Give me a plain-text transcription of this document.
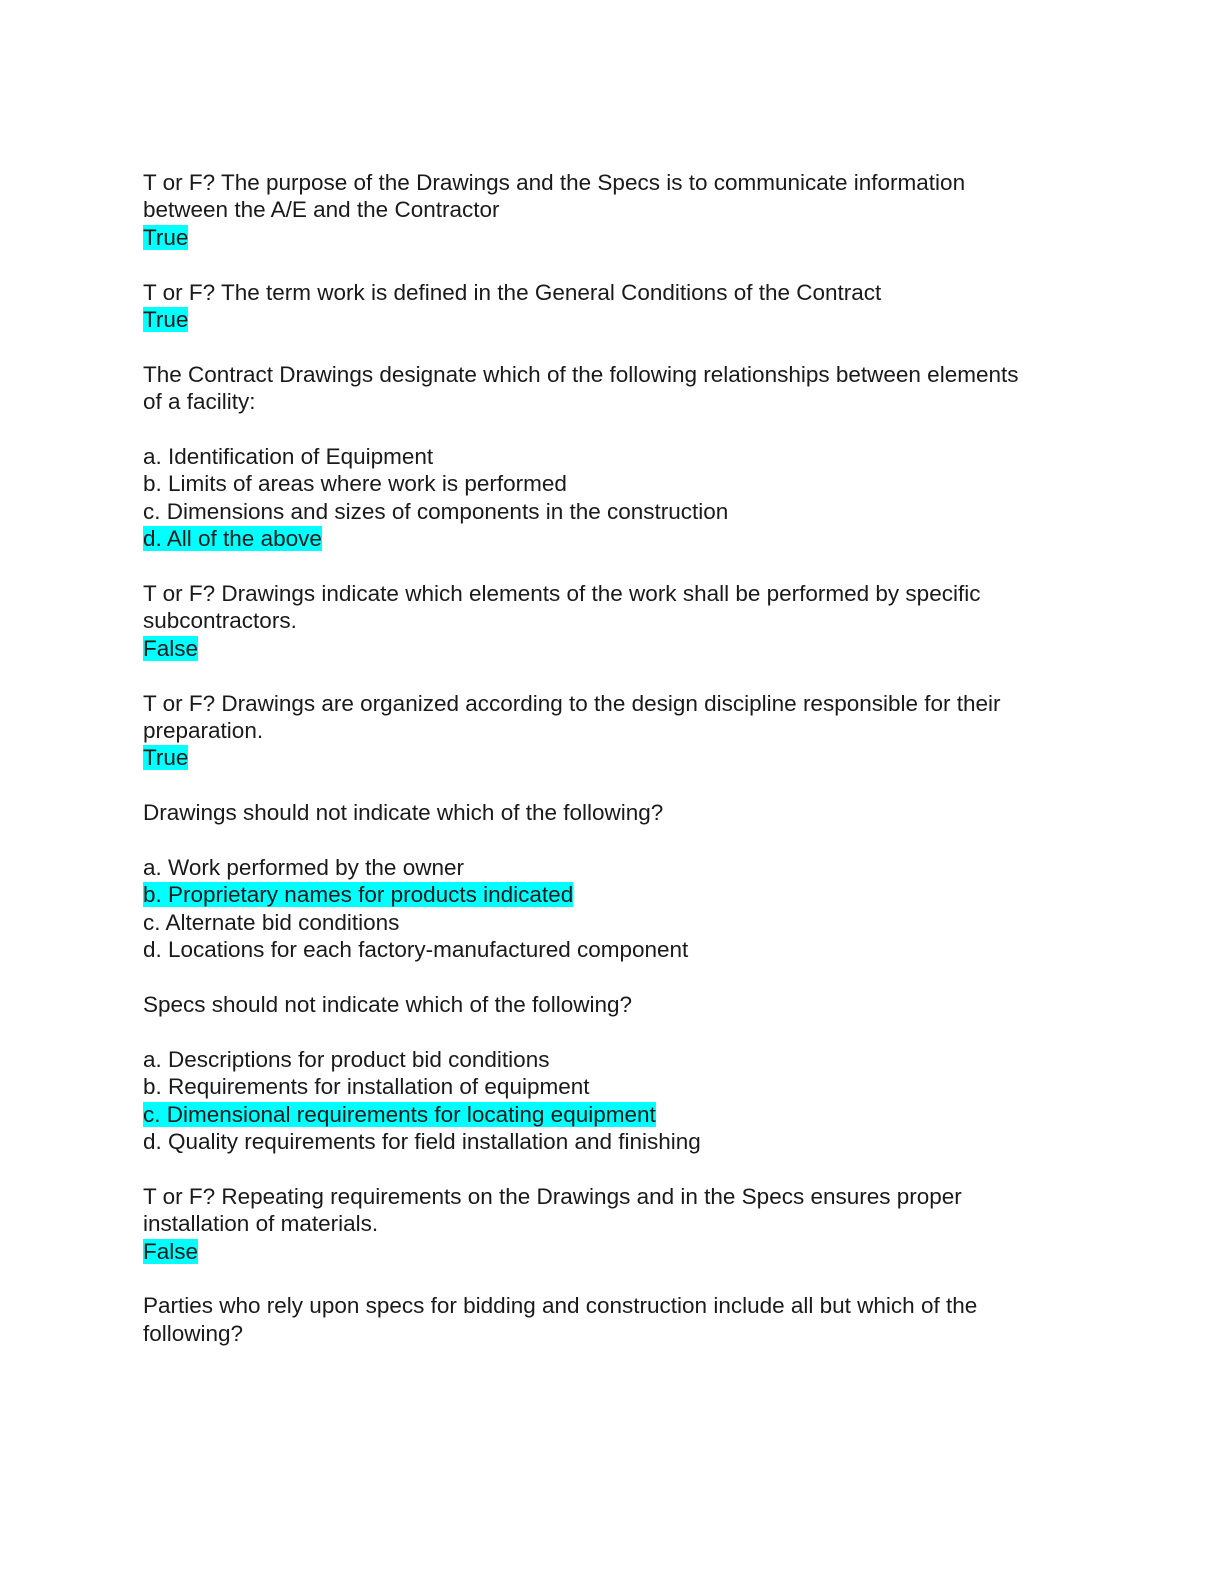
T or F? The purpose of the Drawings and the Specs is to communicate information
between the A/E and the Contractor
True
T or F? The term work is defined in the General Conditions of the Contract
True
The Contract Drawings designate which of the following relationships between elements
of a facility:
a. Identification of Equipment
b. Limits of areas where work is performed
c. Dimensions and sizes of components in the construction
d. All of the above
T or F? Drawings indicate which elements of the work shall be performed by specific
subcontractors.
False
T or F? Drawings are organized according to the design discipline responsible for their
preparation.
True
Drawings should not indicate which of the following?
a. Work performed by the owner
b. Proprietary names for products indicated
c. Alternate bid conditions
d. Locations for each factory-manufactured component
Specs should not indicate which of the following?
a. Descriptions for product bid conditions
b. Requirements for installation of equipment
c. Dimensional requirements for locating equipment
d. Quality requirements for field installation and finishing
T or F? Repeating requirements on the Drawings and in the Specs ensures proper
installation of materials.
False
Parties who rely upon specs for bidding and construction include all but which of the
following?
